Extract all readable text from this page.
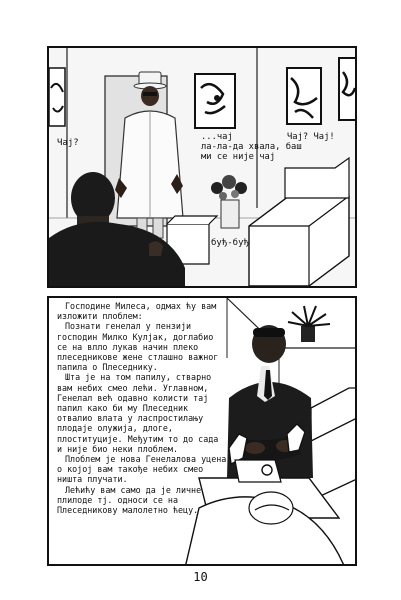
Чај?
...чај
ла-ла-да хвала, баш
ми се није чај
Чај? Чај!
буђ-буђ

Господине Милеса, одмах ћу вам изложити плоблем:

Познати генелал у пензији господин Милко Кулјак, доглабио се на влло лукав начин плеко плеседникове жене стлашно важног папила о Плеседнику.

Шта је на том папилу, стварно вам небих смео лећи. Углавном, Генелал већ одавно колисти тај папил како би му Плеседник отвалио влата у ласпростилању плодаје олужија, длоге, плоституције. Међутим то до сада и није био неки плоблем.

Плоблем је нова Генелалова уцена о којој вам такође небих смео ништа плучати.

Лећићу вам само да је личне плилоде тј. односи се на Плеседникову малолетно ћецу.

10
